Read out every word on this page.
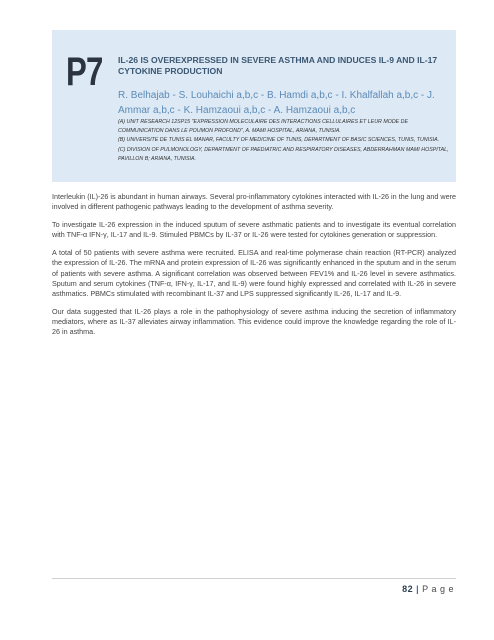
P7 IL-26 IS OVEREXPRESSED IN SEVERE ASTHMA AND INDUCES IL-9 AND IL-17 CYTOKINE PRODUCTION
R. Belhajab - S. Louhaichi a,b,c - B. Hamdi a,b,c - I. Khalfallah a,b,c - J. Ammar a,b,c - K. Hamzaoui a,b,c - A. Hamzaoui a,b,c
(A) UNIT RESEARCH 12SP15 "EXPRESSION MOLECULAIRE DES INTERACTIONS CELLULAIRES ET LEUR MODE DE COMMUNICATION DANS LE POUMON PROFOND", A. MAMI HOSPITAL, ARIANA, TUNISIA.
(B) UNIVERSITE DE TUNIS EL MANAR, FACULTY OF MEDICINE OF TUNIS, DEPARTMENT OF BASIC SCIENCES, TUNIS, TUNISIA.
(C) DIVISION OF PULMONOLOGY, DEPARTMENT OF PAEDIATRIC AND RESPIRATORY DISEASES, ABDERRAHMAN MAMI HOSPITAL, PAVILLON B; ARIANA, TUNISIA.

Interleukin (IL)-26 is abundant in human airways. Several pro-inflammatory cytokines interacted with IL-26 in the lung and were involved in different pathogenic pathways leading to the development of asthma severity.

To investigate IL-26 expression in the induced sputum of severe asthmatic patients and to investigate its eventual correlation with TNF-α IFN-γ, IL-17 and IL-9. Stimuled PBMCs by IL-37 or IL-26 were tested for cytokines generation or suppression.

A total of 50 patients with severe asthma were recruited. ELISA and real-time polymerase chain reaction (RT-PCR) analyzed the expression of IL-26. The mRNA and protein expression of IL-26 was significantly enhanced in the sputum and in the serum of patients with severe asthma. A significant correlation was observed between FEV1% and IL-26 level in severe asthmatics. Sputum and serum cytokines (TNF-α, IFN-γ, IL-17, and IL-9) were found highly expressed and correlated with IL-26 in severe asthmatics. PBMCs stimulated with recombinant IL-37 and LPS suppressed significantly IL-26, IL-17 and IL-9.

Our data suggested that IL-26 plays a role in the pathophysiology of severe asthma inducing the secretion of inflammatory mediators, where as IL-37 alleviates airway inflammation. This evidence could improve the knowledge regarding the role of IL-26 in asthma.

82 | P a g e
